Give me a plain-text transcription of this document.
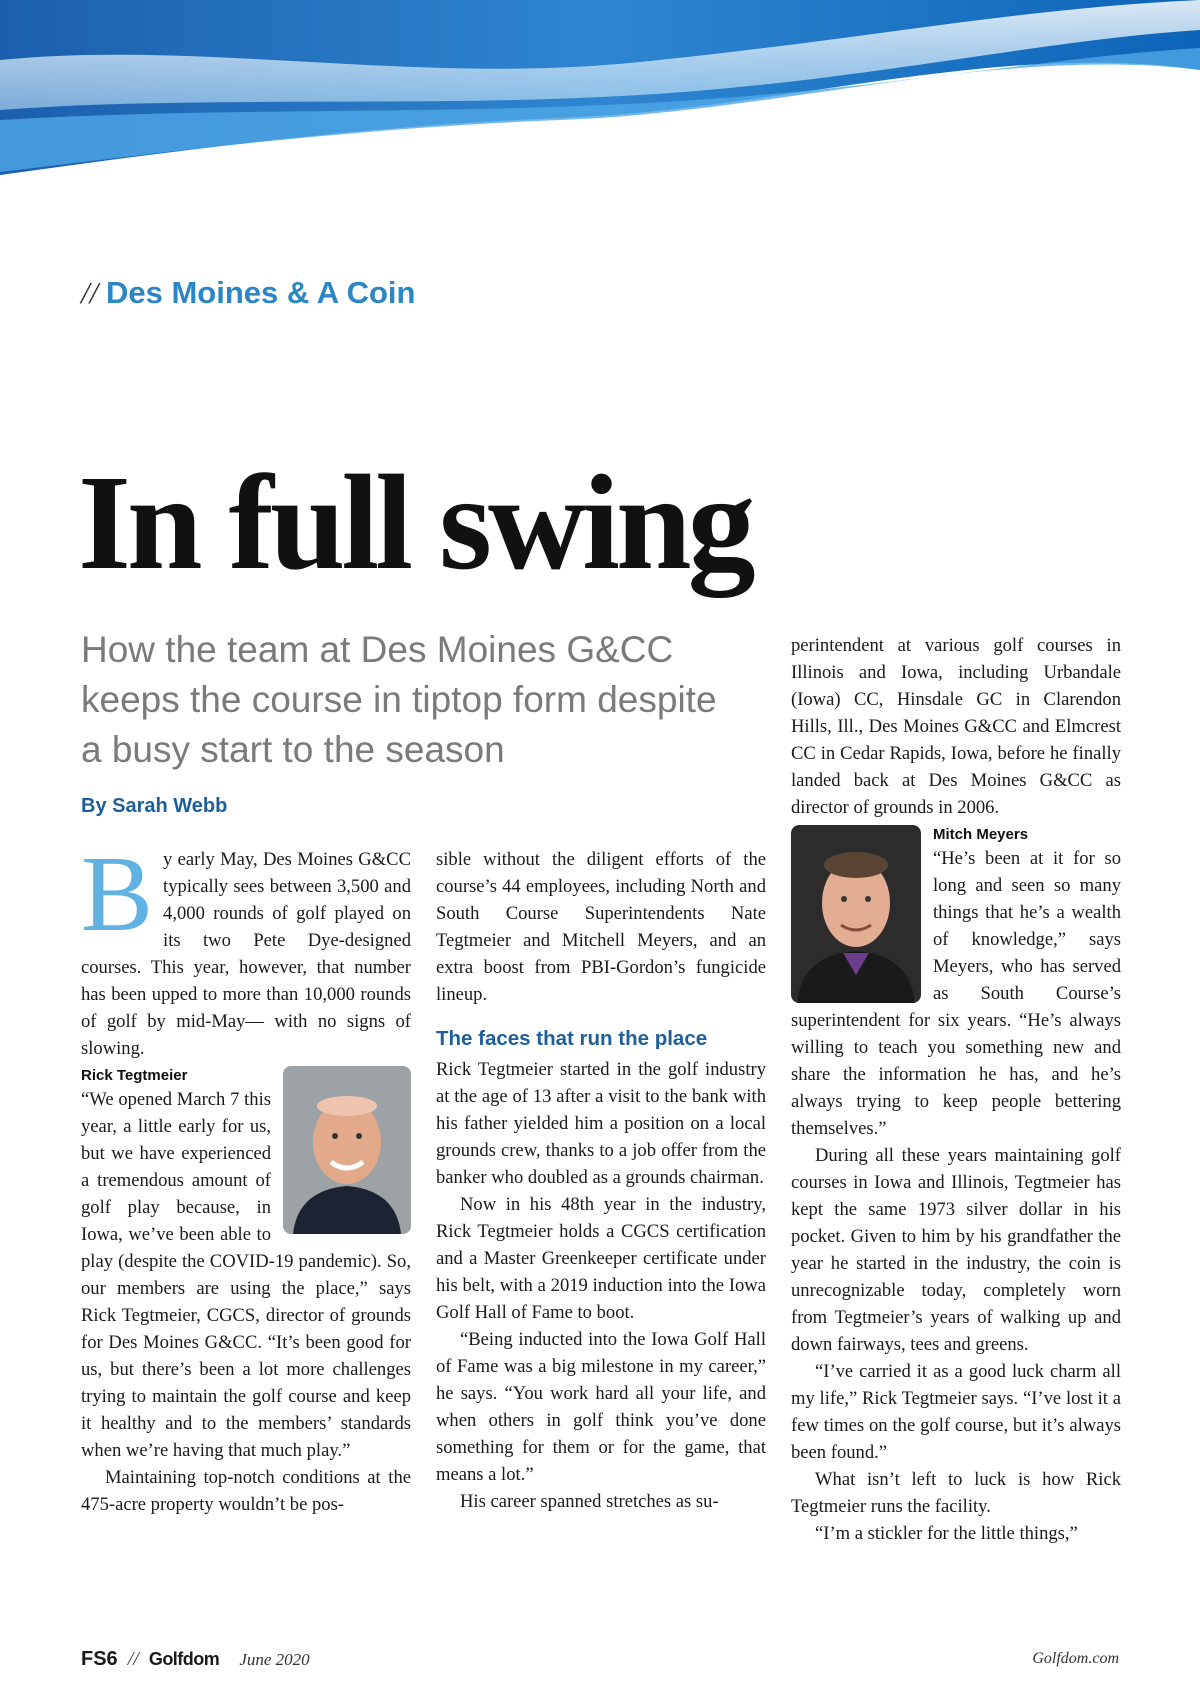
// Des Moines & A Coin
In full swing

How the team at Des Moines G&CC keeps the course in tiptop form despite a busy start to the season

By Sarah Webb

By early May, Des Moines G&CC typically sees between 3,500 and 4,000 rounds of golf played on its two Pete Dye-designed courses. This year, however, that number has been upped to more than 10,000 rounds of golf by mid-May— with no signs of slowing.

Rick Tegtmeier
“We opened March 7 this year, a little early for us, but we have experienced a tremendous amount of golf play because, in Iowa, we’ve been able to play (despite the COVID-19 pandemic). So, our members are using the place,” says Rick Tegtmeier, CGCS, director of grounds for Des Moines G&CC. “It’s been good for us, but there’s been a lot more challenges trying to maintain the golf course and keep it healthy and to the members’ standards when we’re having that much play.”

Maintaining top-notch conditions at the 475-acre property wouldn’t be pos-

sible without the diligent efforts of the course’s 44 employees, including North and South Course Superintendents Nate Tegtmeier and Mitchell Meyers, and an extra boost from PBI-Gordon’s fungicide lineup.

The faces that run the place

Rick Tegtmeier started in the golf industry at the age of 13 after a visit to the bank with his father yielded him a position on a local grounds crew, thanks to a job offer from the banker who doubled as a grounds chairman.

Now in his 48th year in the industry, Rick Tegtmeier holds a CGCS certification and a Master Greenkeeper certificate under his belt, with a 2019 induction into the Iowa Golf Hall of Fame to boot.

“Being inducted into the Iowa Golf Hall of Fame was a big milestone in my career,” he says. “You work hard all your life, and when others in golf think you’ve done something for them or for the game, that means a lot.”

His career spanned stretches as su-

perintendent at various golf courses in Illinois and Iowa, including Urbandale (Iowa) CC, Hinsdale GC in Clarendon Hills, Ill., Des Moines G&CC and Elmcrest CC in Cedar Rapids, Iowa, before he finally landed back at Des Moines G&CC as director of grounds in 2006.

Mitch Meyers
“He’s been at it for so long and seen so many things that he’s a wealth of knowledge,” says Meyers, who has served as South Course’s superintendent for six years. “He’s always willing to teach you something new and share the information he has, and he’s always trying to keep people bettering themselves.”

During all these years maintaining golf courses in Iowa and Illinois, Tegtmeier has kept the same 1973 silver dollar in his pocket. Given to him by his grandfather the year he started in the industry, the coin is unrecognizable today, completely worn from Tegtmeier’s years of walking up and down fairways, tees and greens.

“I’ve carried it as a good luck charm all my life,” Rick Tegtmeier says. “I’ve lost it a few times on the golf course, but it’s always been found.”

What isn’t left to luck is how Rick Tegtmeier runs the facility.

“I’m a stickler for the little things,”

FS6 // Golfdom June 2020	Golfdom.com
